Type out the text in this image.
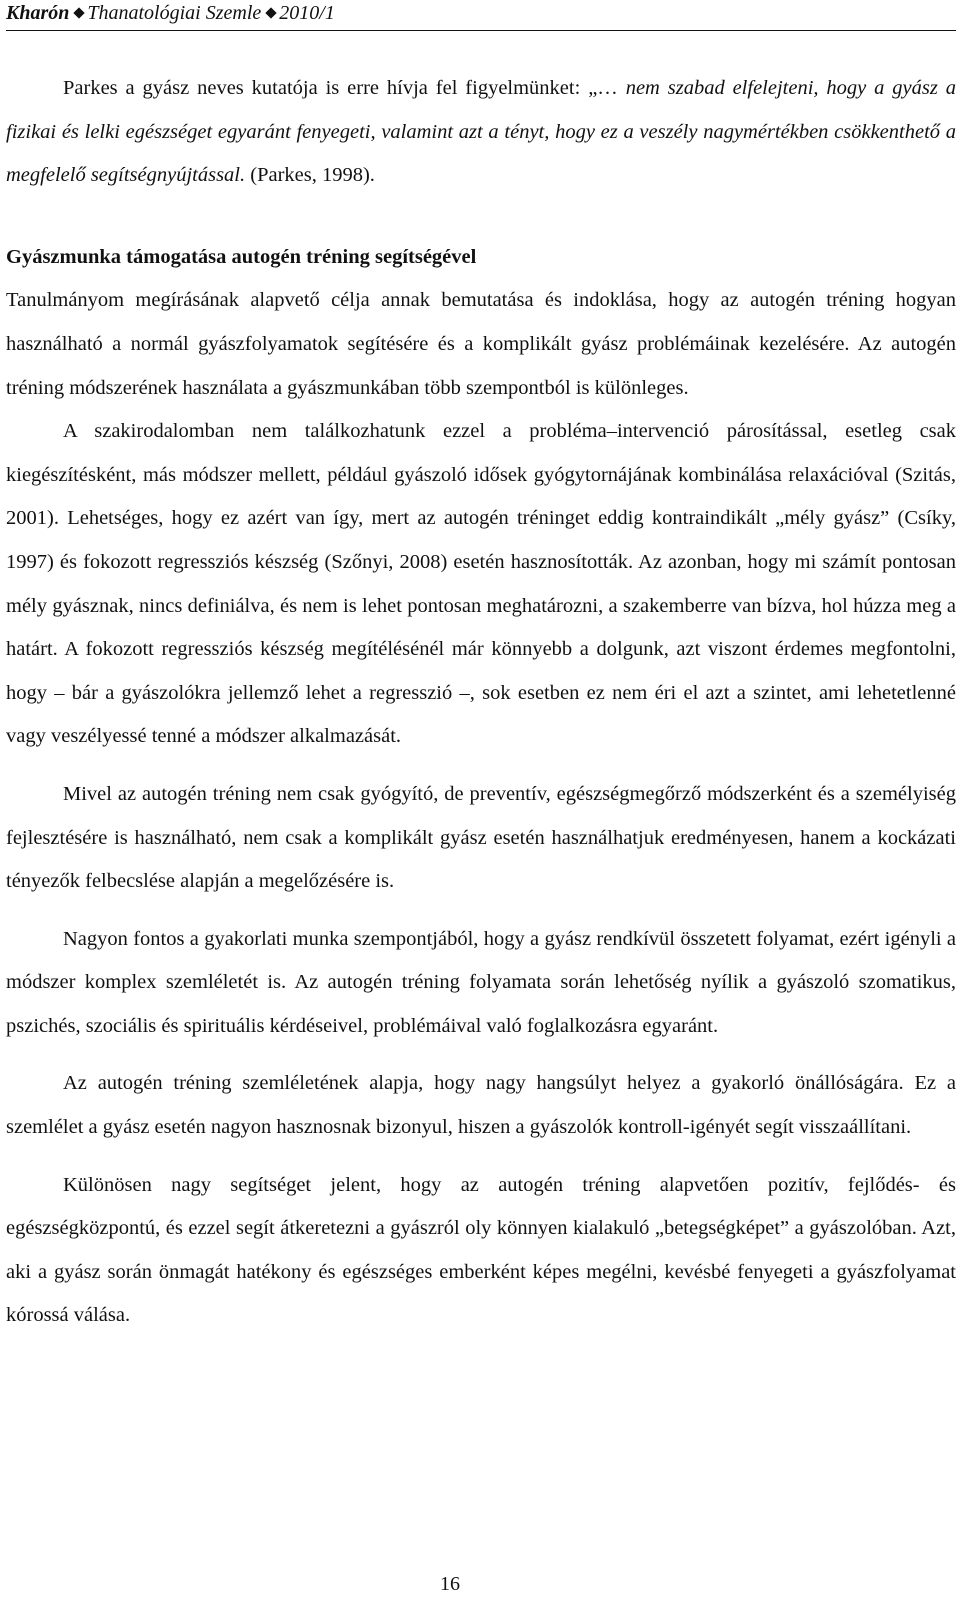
Kharón Thanatológiai Szemle 2010/1

Parkes a gyász neves kutatója is erre hívja fel figyelmünket: „… nem szabad elfelejteni, hogy a gyász a fizikai és lelki egészséget egyaránt fenyegeti, valamint azt a tényt, hogy ez a veszély nagymértékben csökkenthető a megfelelő segítségnyújtással. (Parkes, 1998).

Gyászmunka támogatása autogén tréning segítségével

Tanulmányom megírásának alapvető célja annak bemutatása és indoklása, hogy az autogén tréning hogyan használható a normál gyászfolyamatok segítésére és a komplikált gyász problémáinak kezelésére. Az autogén tréning módszerének használata a gyászmunkában több szempontból is különleges.

A szakirodalomban nem találkozhatunk ezzel a probléma–intervenció párosítással, esetleg csak kiegészítésként, más módszer mellett, például gyászoló idősek gyógytornájának kombinálása relaxációval (Szitás, 2001). Lehetséges, hogy ez azért van így, mert az autogén tréninget eddig kontraindikált „mély gyász” (Csíky, 1997) és fokozott regressziós készség (Szőnyi, 2008) esetén hasznosították. Az azonban, hogy mi számít pontosan mély gyásznak, nincs definiálva, és nem is lehet pontosan meghatározni, a szakemberre van bízva, hol húzza meg a határt. A fokozott regressziós készség megítélésénél már könnyebb a dolgunk, azt viszont érdemes megfontolni, hogy – bár a gyászolókra jellemző lehet a regresszió –, sok esetben ez nem éri el azt a szintet, ami lehetetlenné vagy veszélyessé tenné a módszer alkalmazását.

Mivel az autogén tréning nem csak gyógyító, de preventív, egészségmegőrző módszerként és a személyiség fejlesztésére is használható, nem csak a komplikált gyász esetén használhatjuk eredményesen, hanem a kockázati tényezők felbecslése alapján a megelőzésére is.

Nagyon fontos a gyakorlati munka szempontjából, hogy a gyász rendkívül összetett folyamat, ezért igényli a módszer komplex szemléletét is. Az autogén tréning folyamata során lehetőség nyílik a gyászoló szomatikus, pszichés, szociális és spirituális kérdéseivel, problémáival való foglalkozásra egyaránt.

Az autogén tréning szemléletének alapja, hogy nagy hangsúlyt helyez a gyakorló önállóságára. Ez a szemlélet a gyász esetén nagyon hasznosnak bizonyul, hiszen a gyászolók kontroll-igényét segít visszaállítani.

Különösen nagy segítséget jelent, hogy az autogén tréning alapvetően pozitív, fejlődés- és egészségközpontú, és ezzel segít átkeretezni a gyászról oly könnyen kialakuló „betegségképet” a gyászolóban. Azt, aki a gyász során önmagát hatékony és egészséges emberként képes megélni, kevésbé fenyegeti a gyászfolyamat kórossá válása.

16
